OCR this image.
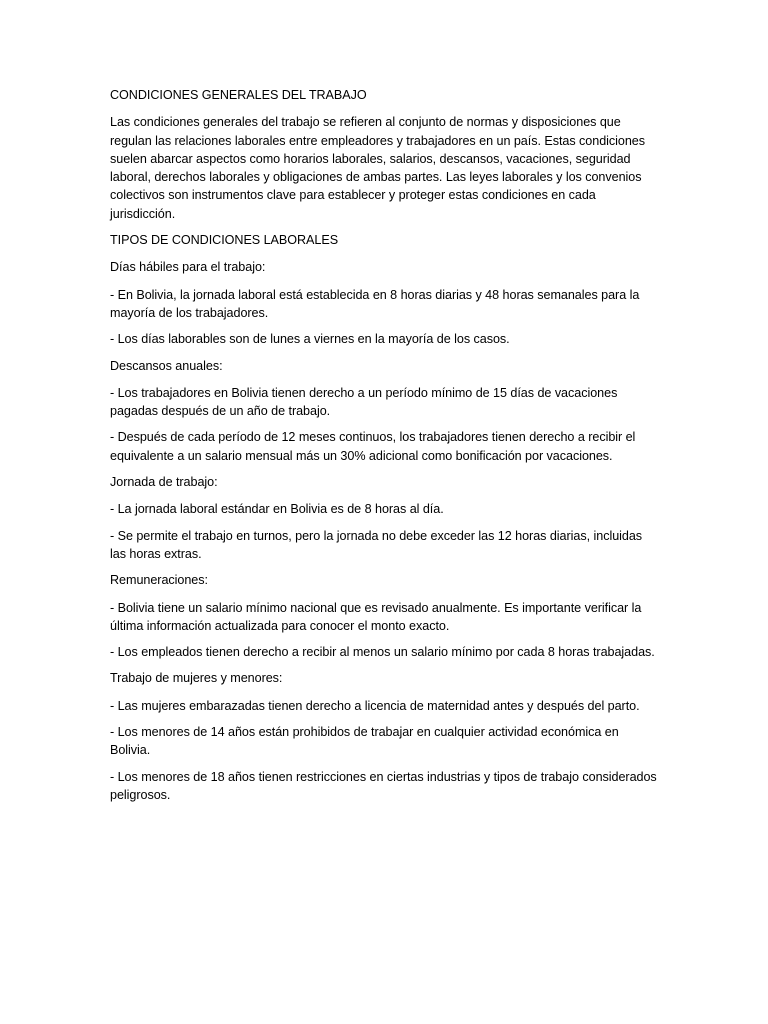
CONDICIONES GENERALES DEL TRABAJO

Las condiciones generales del trabajo se refieren al conjunto de normas y disposiciones que regulan las relaciones laborales entre empleadores y trabajadores en un país. Estas condiciones suelen abarcar aspectos como horarios laborales, salarios, descansos, vacaciones, seguridad laboral, derechos laborales y obligaciones de ambas partes. Las leyes laborales y los convenios colectivos son instrumentos clave para establecer y proteger estas condiciones en cada jurisdicción.

TIPOS DE CONDICIONES LABORALES

Días hábiles para el trabajo:

- En Bolivia, la jornada laboral está establecida en 8 horas diarias y 48 horas semanales para la mayoría de los trabajadores.

- Los días laborables son de lunes a viernes en la mayoría de los casos.

Descansos anuales:

- Los trabajadores en Bolivia tienen derecho a un período mínimo de 15 días de vacaciones pagadas después de un año de trabajo.

- Después de cada período de 12 meses continuos, los trabajadores tienen derecho a recibir el equivalente a un salario mensual más un 30% adicional como bonificación por vacaciones.

Jornada de trabajo:

- La jornada laboral estándar en Bolivia es de 8 horas al día.

- Se permite el trabajo en turnos, pero la jornada no debe exceder las 12 horas diarias, incluidas las horas extras.

Remuneraciones:

- Bolivia tiene un salario mínimo nacional que es revisado anualmente. Es importante verificar la última información actualizada para conocer el monto exacto.

- Los empleados tienen derecho a recibir al menos un salario mínimo por cada 8 horas trabajadas.

Trabajo de mujeres y menores:

- Las mujeres embarazadas tienen derecho a licencia de maternidad antes y después del parto.

- Los menores de 14 años están prohibidos de trabajar en cualquier actividad económica en Bolivia.

- Los menores de 18 años tienen restricciones en ciertas industrias y tipos de trabajo considerados peligrosos.
